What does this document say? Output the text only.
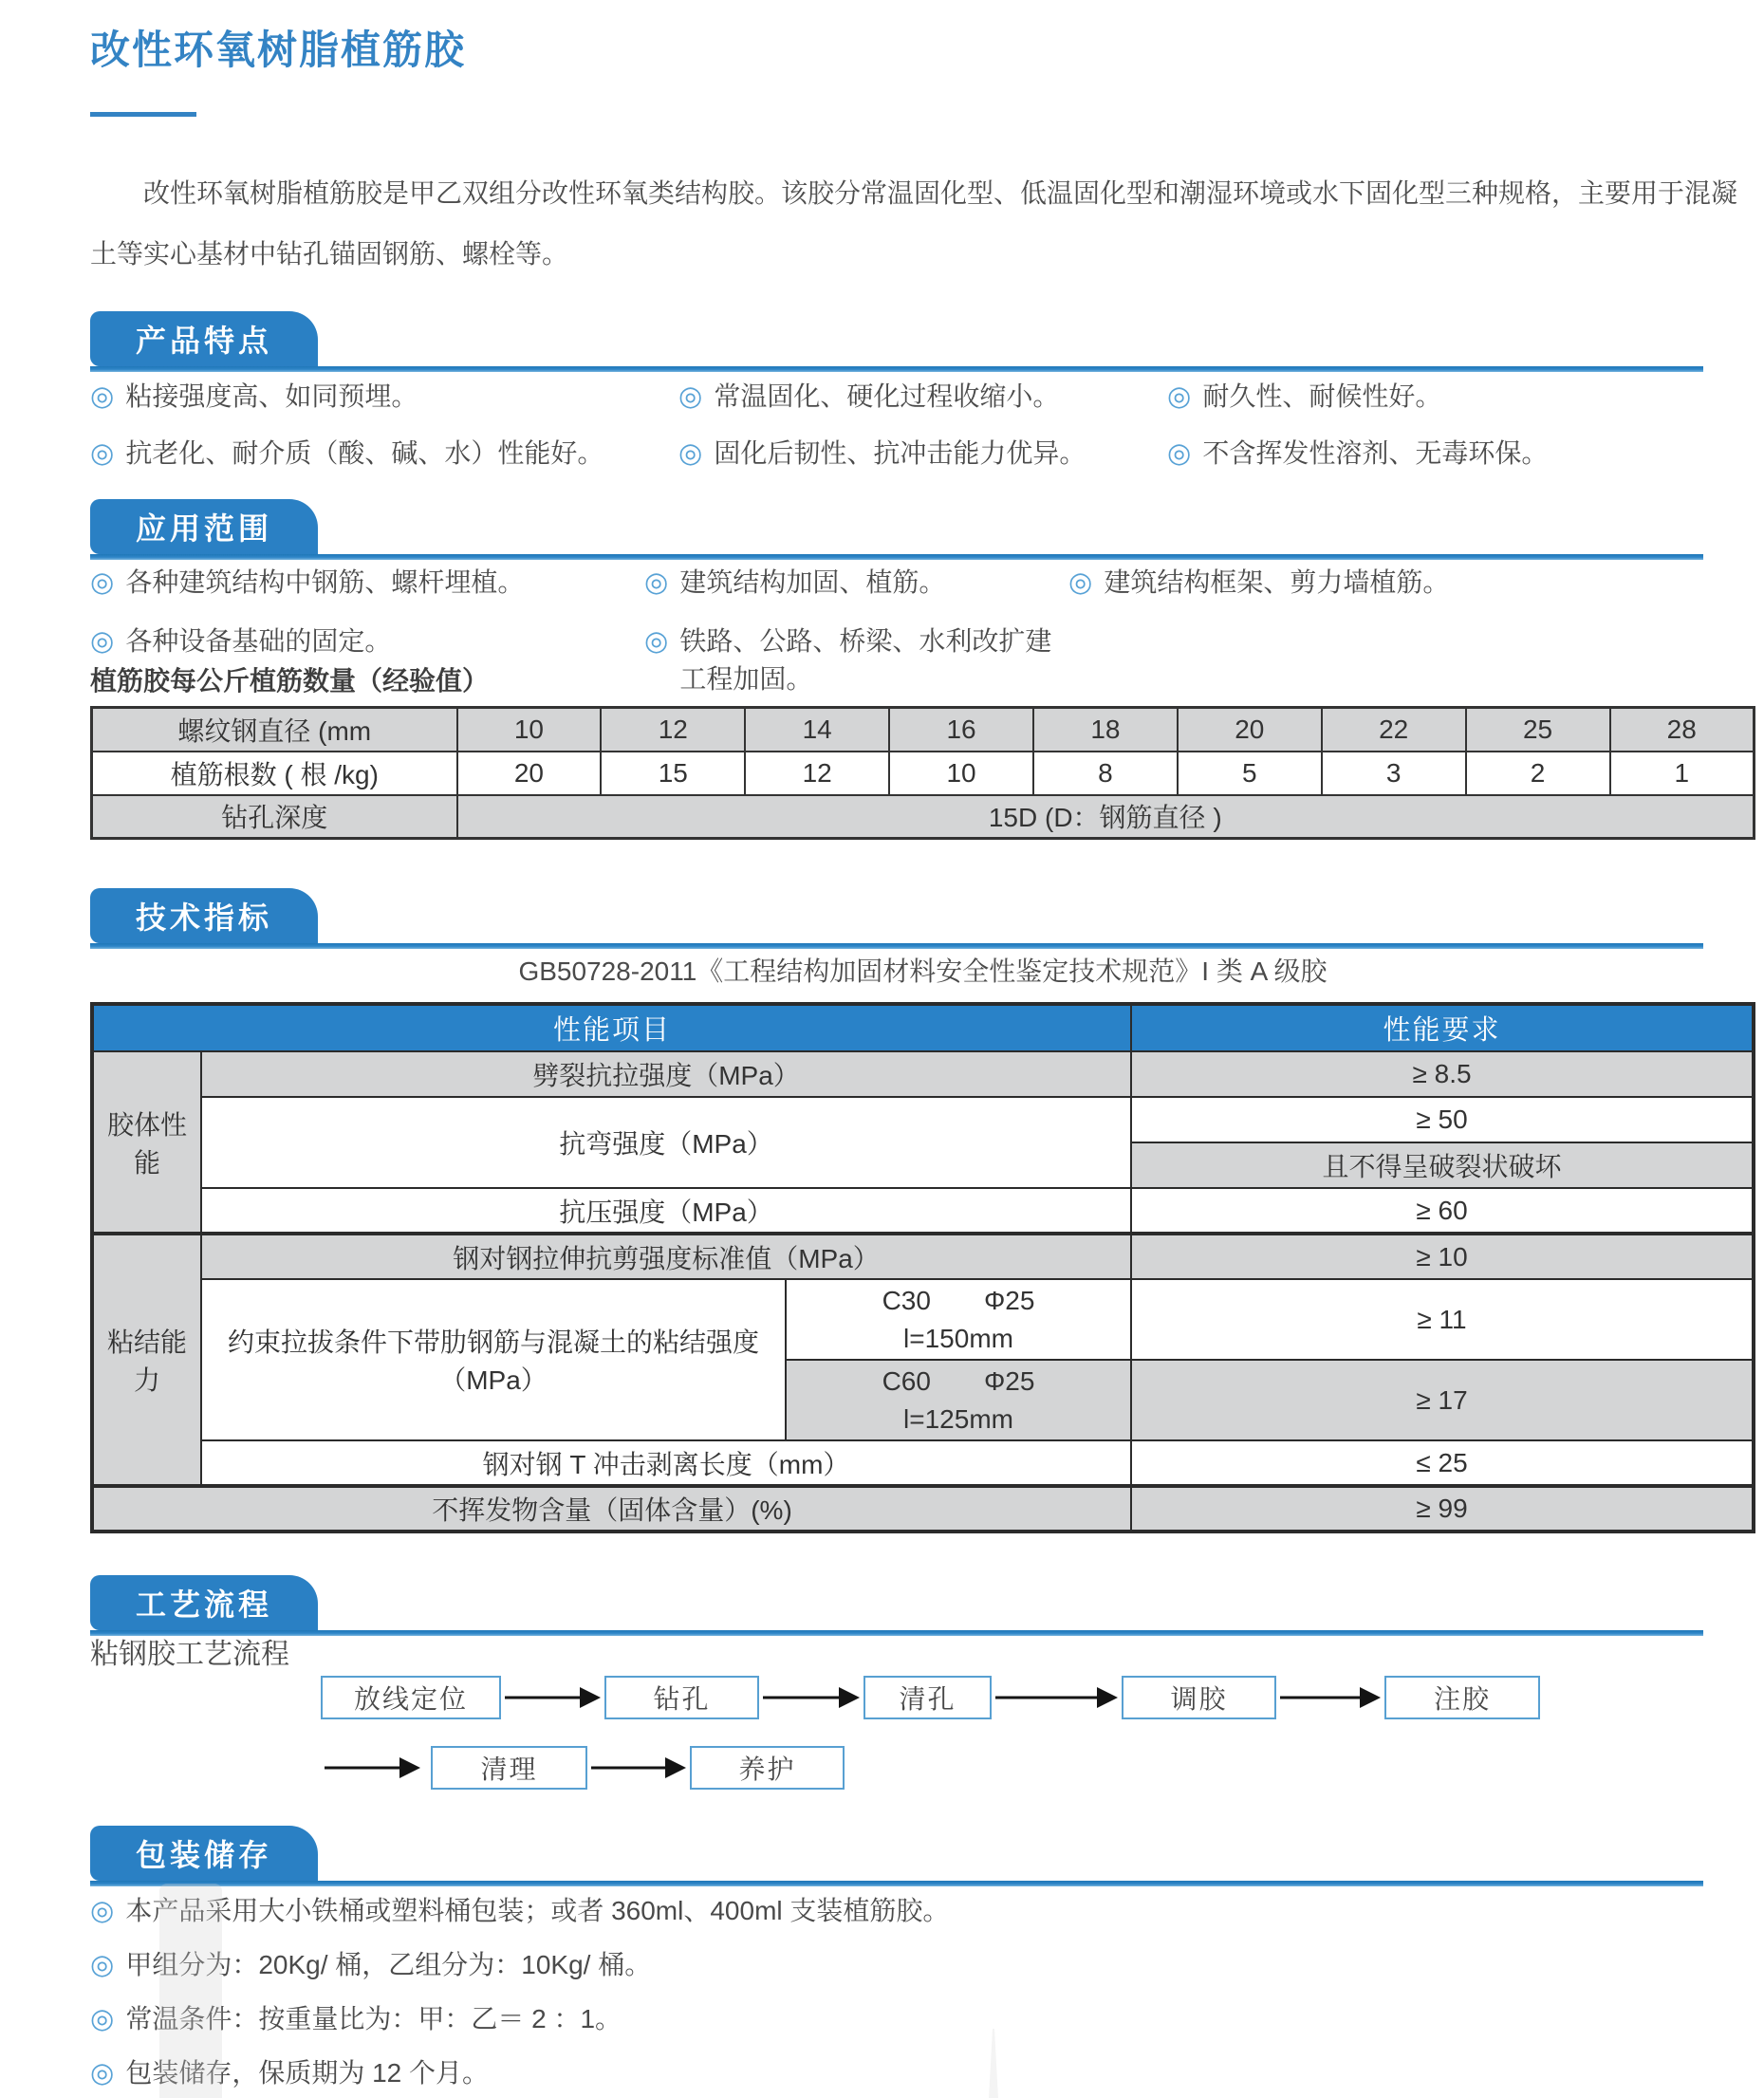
改性环氧树脂植筋胶
改性环氧树脂植筋胶是甲乙双组分改性环氧类结构胶。该胶分常温固化型、低温固化型和潮湿环境或水下固化型三种规格，主要用于混凝土等实心基材中钻孔锚固钢筋、螺栓等。
产品特点
◎ 粘接强度高、如同预埋。	◎ 常温固化、硬化过程收缩小。	◎ 耐久性、耐候性好。
◎ 抗老化、耐介质（酸、碱、水）性能好。	◎ 固化后韧性、抗冲击能力优异。	◎ 不含挥发性溶剂、无毒环保。
应用范围
◎ 各种建筑结构中钢筋、螺杆埋植。	◎ 建筑结构加固、植筋。	◎ 建筑结构框架、剪力墙植筋。
◎ 各种设备基础的固定。	◎ 铁路、公路、桥梁、水利改扩建工程加固。
植筋胶每公斤植筋数量（经验值）
螺纹钢直径 (mm	10	12	14	16	18	20	22	25	28
植筋根数 ( 根 /kg)	20	15	12	10	8	5	3	2	1
钻孔深度	15D (D：钢筋直径 )								
技术指标
GB50728-2011《工程结构加固材料安全性鉴定技术规范》I 类 A 级胶
性能项目			性能要求
胶体性能	劈裂抗拉强度（MPa）		≥ 8.5
	抗弯强度（MPa）		≥ 50
			且不得呈破裂状破坏
	抗压强度（MPa）		≥ 60
粘结能力	钢对钢拉伸抗剪强度标准值（MPa）		≥ 10
	约束拉拔条件下带肋钢筋与混凝土的粘结强度（MPa）	C30　　Φ25
l=150mm	≥ 11

		C60　　Φ25
l=125mm	≥ 17
	钢对钢 T 冲击剥离长度（mm）		≤ 25
不挥发物含量（固体含量）(%)			≥ 99
工艺流程
粘钢胶工艺流程
放线定位	钻孔	清孔	调胶	注胶
清理	养护
包装储存
◎ 本产品采用大小铁桶或塑料桶包装；或者 360ml、400ml 支装植筋胶。
◎ 甲组分为：20Kg/ 桶，乙组分为：10Kg/ 桶。
◎ 常温条件：按重量比为：甲：乙＝ 2 ：1。
◎ 包装储存，保质期为 12 个月。
